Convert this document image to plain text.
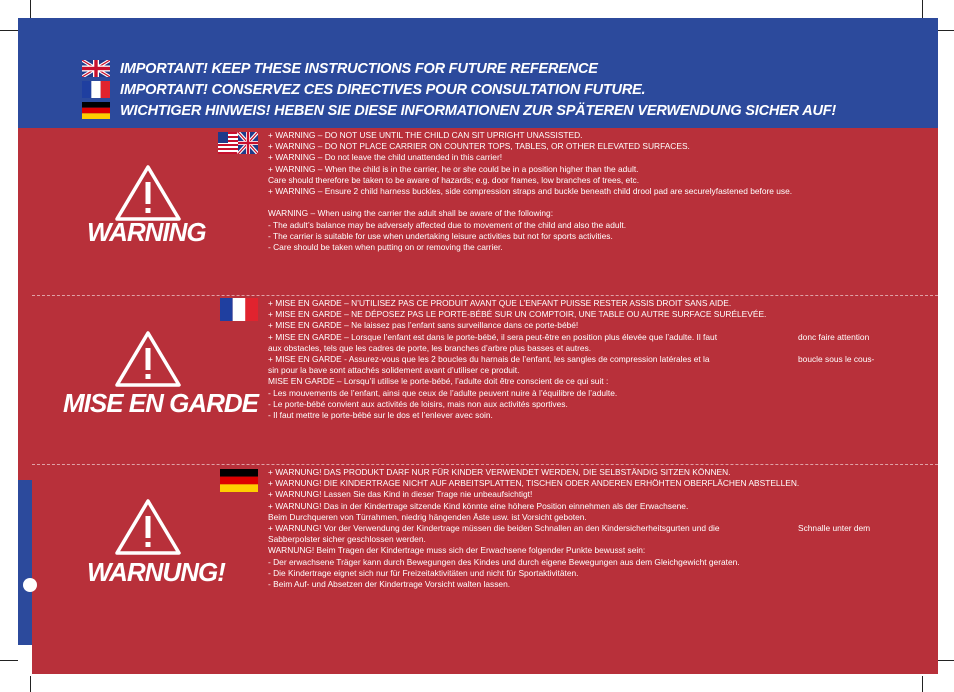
IMPORTANT! KEEP THESE INSTRUCTIONS FOR FUTURE REFERENCE
IMPORTANT! CONSERVEZ CES DIRECTIVES POUR CONSULTATION FUTURE.
WICHTIGER HINWEIS! HEBEN SIE DIESE INFORMATIONEN ZUR SPÄTEREN VERWENDUNG SICHER AUF!
WARNING

+ WARNING – DO NOT USE UNTIL THE CHILD CAN SIT UPRIGHT UNASSISTED.

+ WARNING – DO NOT PLACE CARRIER ON COUNTER TOPS, TABLES, OR OTHER ELEVATED SURFACES.

+ WARNING – Do not leave the child unattended in this carrier!

+ WARNING – When the child is in the carrier, he or she could be in a position higher than the adult.

Care should therefore be taken to be aware of hazards; e.g. door frames, low branches of trees, etc.

+ WARNING – Ensure 2 child harness buckles, side compression straps and buckle beneath child drool pad are securelyfastened before use.

WARNING – When using the carrier the adult shall be aware of the following:

- The adult’s balance may be adversely affected due to movement of the child and also the adult.

- The carrier is suitable for use when undertaking leisure activities but not for sports activities.

- Care should be taken when putting on or removing the carrier.

MISE EN GARDE

+ MISE EN GARDE – N’UTILISEZ PAS CE PRODUIT AVANT QUE L’ENFANT PUISSE RESTER ASSIS DROIT SANS AIDE.

+ MISE EN GARDE – NE DÉPOSEZ PAS LE PORTE-BÉBÉ SUR UN COMPTOIR, UNE TABLE OU AUTRE SURFACE SURÉLEVÉE.

+ MISE EN GARDE – Ne laissez pas l’enfant sans surveillance dans ce porte-bébé!

+ MISE EN GARDE – Lorsque l’enfant est dans le porte-bébé, il sera peut-être en position plus élevée que l’adulte. Il faut	donc faire attention

aux obstacles, tels que les cadres de porte, les branches d’arbre plus basses et autres.

+ MISE EN GARDE - Assurez-vous que les 2 boucles du harnais de l’enfant, les sangles de compression latérales et la	boucle sous le cous-

sin pour la bave sont attachés solidement avant d’utiliser ce produit.

MISE EN GARDE – Lorsqu’il utilise le porte-bébé, l’adulte doit être conscient de ce qui suit :

- Les mouvements de l’enfant, ainsi que ceux de l’adulte peuvent nuire à l’équilibre de l’adulte.

- Le porte-bébé convient aux activités de loisirs, mais non aux activités sportives.

- Il faut mettre le porte-bébé sur le dos et l’enlever avec soin.

WARNUNG!

+ WARNUNG! DAS PRODUKT DARF NUR FÜR KINDER VERWENDET WERDEN, DIE SELBSTÄNDIG SITZEN KÖNNEN.

+ WARNUNG! DIE KINDERTRAGE NICHT AUF ARBEITSPLATTEN, TISCHEN ODER ANDEREN ERHÖHTEN OBERFLÄCHEN ABSTELLEN.

+ WARNUNG! Lassen Sie das Kind in dieser Trage nie unbeaufsichtigt!

+ WARNUNG! Das in der Kindertrage sitzende Kind könnte eine höhere Position einnehmen als der Erwachsene.

Beim Durchqueren von Türrahmen, niedrig hängenden Äste usw. ist Vorsicht geboten.

+ WARNUNG! Vor der Verwendung der Kindertrage müssen die beiden Schnallen an den Kindersicherheitsgurten und die	Schnalle unter dem

Sabberpolster sicher geschlossen werden.

WARNUNG! Beim Tragen der Kindertrage muss sich der Erwachsene folgender Punkte bewusst sein:

- Der erwachsene Träger kann durch Bewegungen des Kindes und durch eigene Bewegungen aus dem Gleichgewicht geraten.

- Die Kindertrage eignet sich nur für Freizeitaktivitäten und nicht für Sportaktivitäten.

- Beim Auf- und Absetzen der Kindertrage Vorsicht walten lassen.
